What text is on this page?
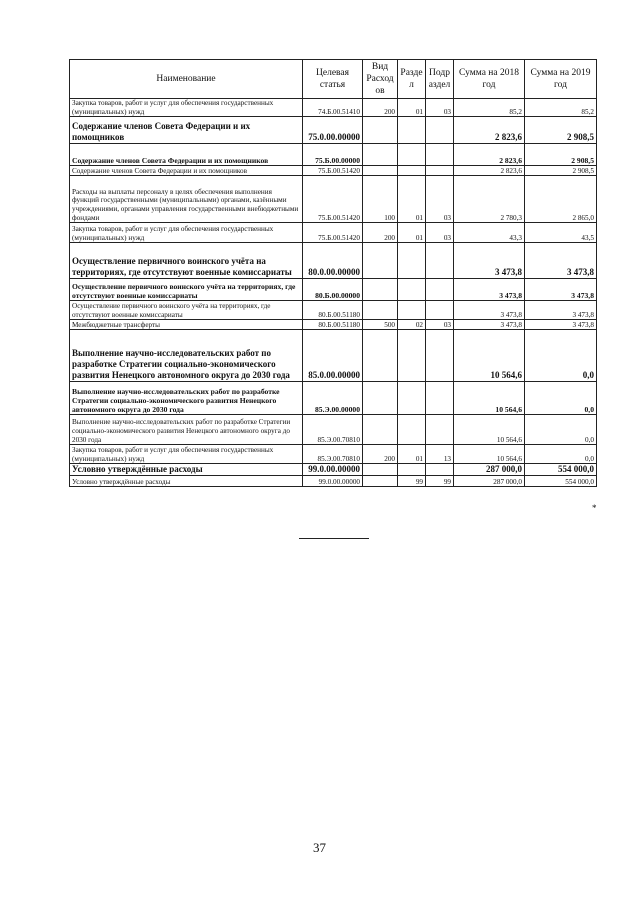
Наименование	Целевая статья	Вид Расход ов	Разде л	Подр аздел	Сумма на 2018 год	Сумма на 2019 год
Закупка товаров, работ и услуг для обеспечения государственных (муниципальных) нужд	74.Б.00.51410	200	01	03	85,2	85,2
Содержание членов Совета Федерации и их помощников	75.0.00.00000				2 823,6	2 908,5
Содержание членов Совета Федерации и их помощников	75.Б.00.00000				2 823,6	2 908,5
Содержание членов Совета Федерации и их помощников	75.Б.00.51420				2 823,6	2 908,5
Расходы на выплаты персоналу в целях обеспечения выполнения функций государственными (муниципальными) органами, казёнными учреждениями, органами управления государственными внебюджетными фондами	75.Б.00.51420	100	01	03	2 780,3	2 865,0
Закупка товаров, работ и услуг для обеспечения государственных (муниципальных) нужд	75.Б.00.51420	200	01	03	43,3	43,5
Осуществление первичного воинского учёта на территориях, где отсутствуют военные комиссариаты	80.0.00.00000				3 473,8	3 473,8
Осуществление первичного воинского учёта на территориях, где отсутствуют военные комиссариаты	80.Б.00.00000				3 473,8	3 473,8
Осуществление первичного воинского учёта на территориях, где отсутствуют военные комиссариаты	80.Б.00.51180				3 473,8	3 473,8
Межбюджетные трансферты	80.Б.00.51180	500	02	03	3 473,8	3 473,8
Выполнение научно-исследовательских работ по разработке Стратегии социально-экономического развития Ненецкого автономного округа до 2030 года	85.0.00.00000				10 564,6	0,0
Выполнение научно-исследовательских работ по разработке Стратегии социально-экономического развития Ненецкого автономного округа до 2030 года	85.Э.00.00000				10 564,6	0,0
Выполнение научно-исследовательских работ по разработке Стратегии социально-экономического развития Ненецкого автономного округа до 2030 года	85.Э.00.70810				10 564,6	0,0
Закупка товаров, работ и услуг для обеспечения государственных (муниципальных) нужд	85.Э.00.70810	200	01	13	10 564,6	0,0
Условно утверждённые расходы	99.0.00.00000				287 000,0	554 000,0
Условно утверждённые расходы	99.0.00.00000		99	99	287 000,0	554 000,0
*
37
